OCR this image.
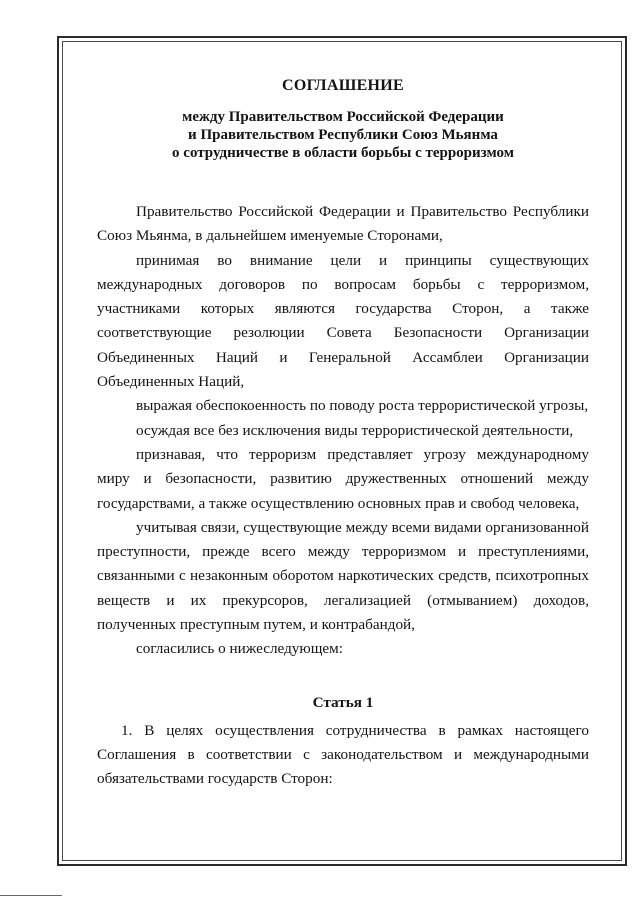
СОГЛАШЕНИЕ
между Правительством Российской Федерации
и Правительством Республики Союз Мьянма
о сотрудничестве в области борьбы с терроризмом

Правительство Российской Федерации и Правительство Республики Союз Мьянма, в дальнейшем именуемые Сторонами,

принимая во внимание цели и принципы существующих международных договоров по вопросам борьбы с терроризмом, участниками которых являются государства Сторон, а также соответствующие резолюции Совета Безопасности Организации Объединенных Наций и Генеральной Ассамблеи Организации Объединенных Наций,

выражая обеспокоенность по поводу роста террористической угрозы,

осуждая все без исключения виды террористической деятельности,

признавая, что терроризм представляет угрозу международному миру и безопасности, развитию дружественных отношений между государствами, а также осуществлению основных прав и свобод человека,

учитывая связи, существующие между всеми видами организованной преступности, прежде всего между терроризмом и преступлениями, связанными с незаконным оборотом наркотических средств, психотропных веществ и их прекурсоров, легализацией (отмыванием) доходов, полученных преступным путем, и контрабандой,

согласились о нижеследующем:

Статья 1

1. В целях осуществления сотрудничества в рамках настоящего Соглашения в соответствии с законодательством и международными обязательствами государств Сторон:
